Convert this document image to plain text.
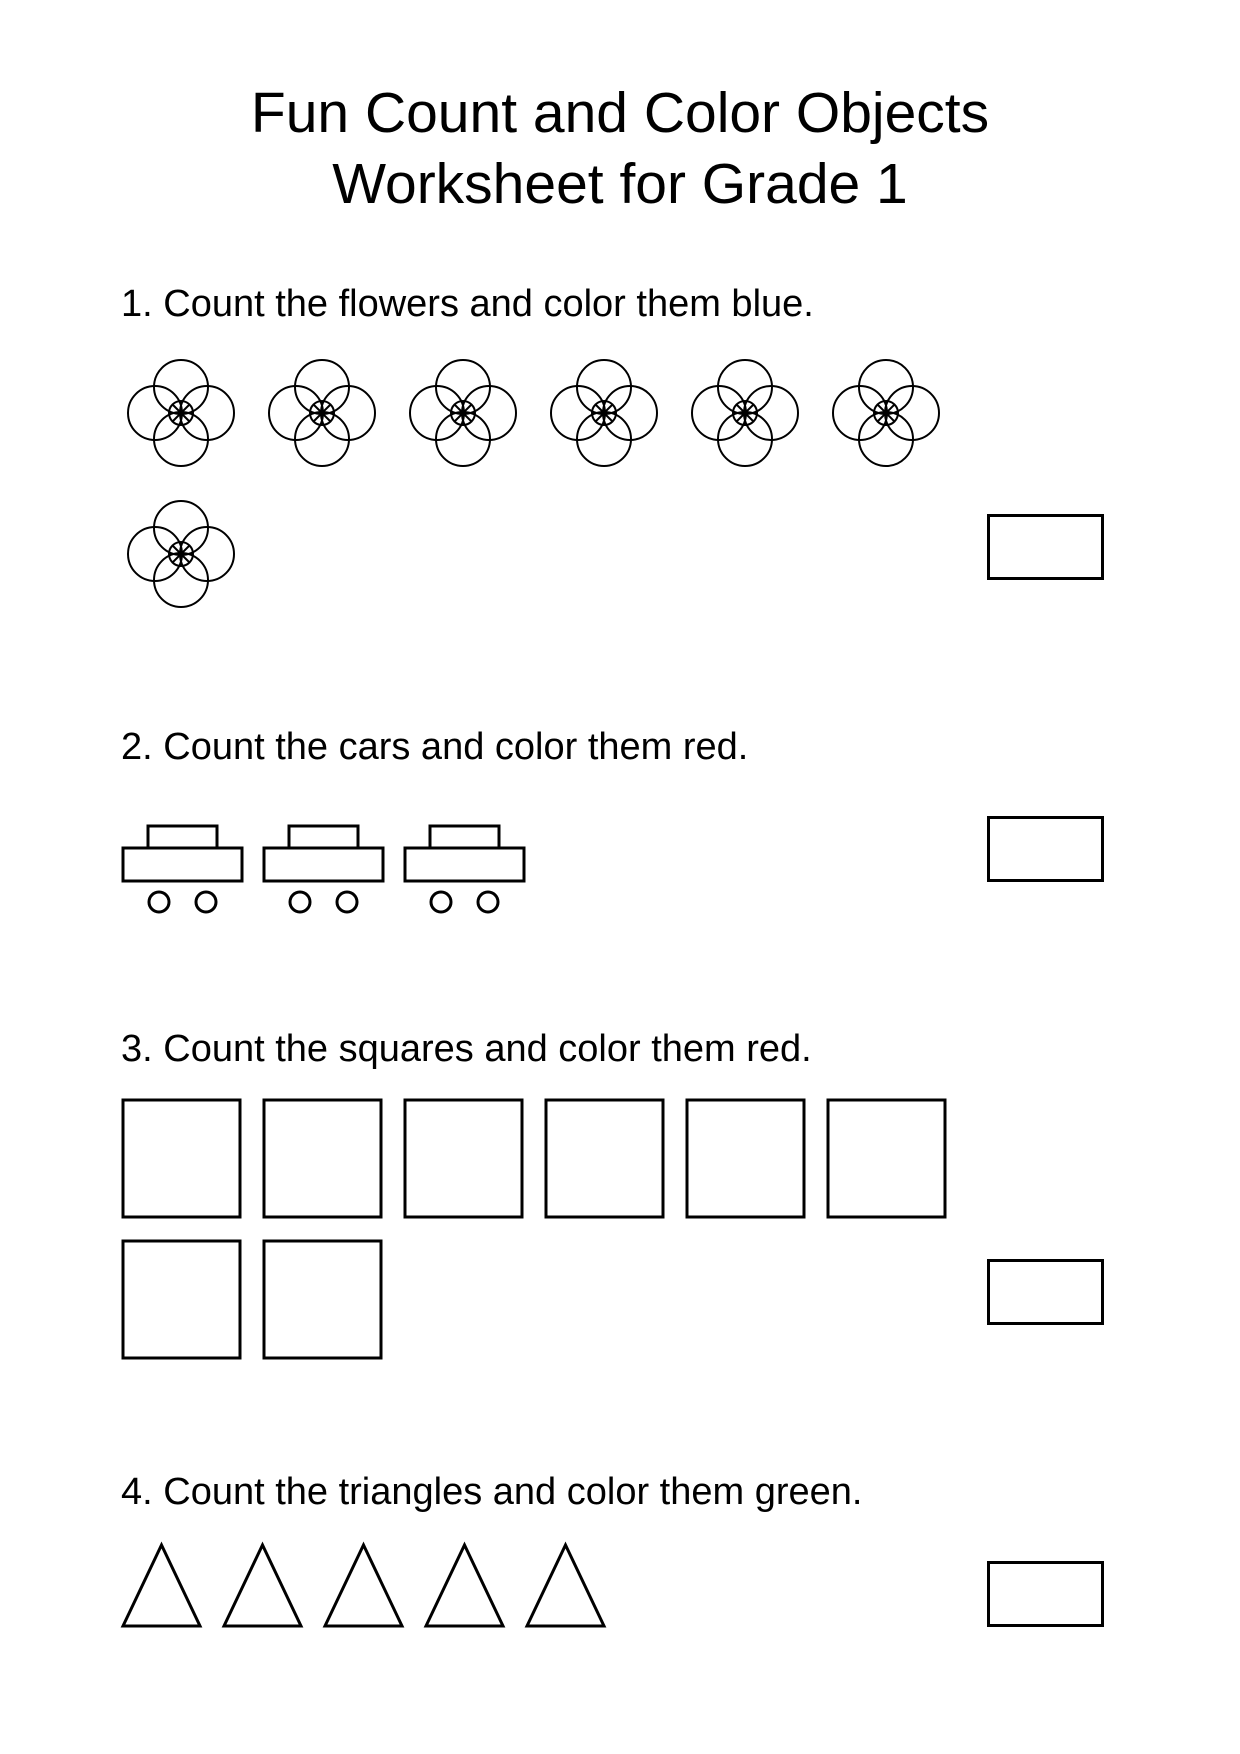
Fun Count and Color Objects
Worksheet for Grade 1
1. Count the flowers and color them blue.
2. Count the cars and color them red.
3. Count the squares and color them red.
4. Count the triangles and color them green.
